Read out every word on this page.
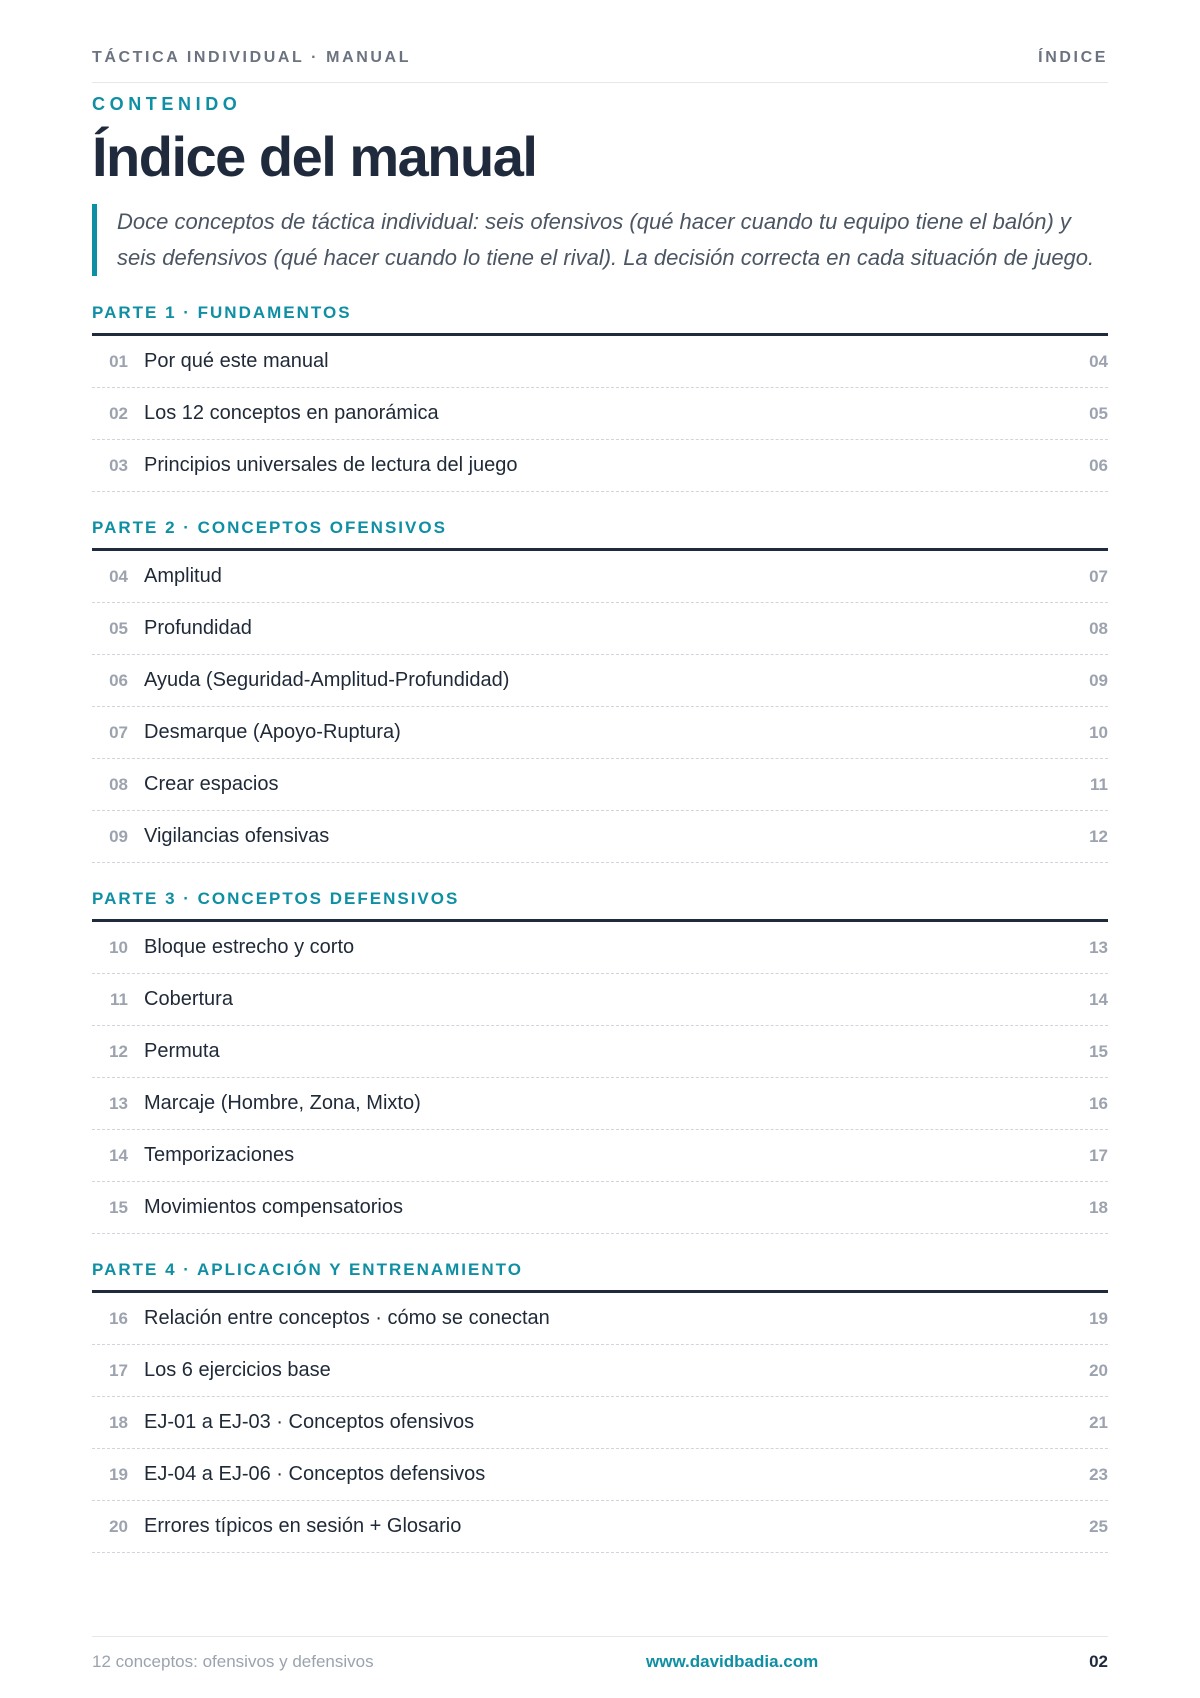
TÁCTICA INDIVIDUAL · MANUAL	ÍNDICE
CONTENIDO
Índice del manual
Doce conceptos de táctica individual: seis ofensivos (qué hacer cuando tu equipo tiene el balón) y seis defensivos (qué hacer cuando lo tiene el rival). La decisión correcta en cada situación de juego.
PARTE 1 · FUNDAMENTOS
01 Por qué este manual	04
02 Los 12 conceptos en panorámica	05
03 Principios universales de lectura del juego	06
PARTE 2 · CONCEPTOS OFENSIVOS
04 Amplitud	07
05 Profundidad	08
06 Ayuda (Seguridad-Amplitud-Profundidad)	09
07 Desmarque (Apoyo-Ruptura)	10
08 Crear espacios	11
09 Vigilancias ofensivas	12
PARTE 3 · CONCEPTOS DEFENSIVOS
10 Bloque estrecho y corto	13
11 Cobertura	14
12 Permuta	15
13 Marcaje (Hombre, Zona, Mixto)	16
14 Temporizaciones	17
15 Movimientos compensatorios	18
PARTE 4 · APLICACIÓN Y ENTRENAMIENTO
16 Relación entre conceptos · cómo se conectan	19
17 Los 6 ejercicios base	20
18 EJ-01 a EJ-03 · Conceptos ofensivos	21
19 EJ-04 a EJ-06 · Conceptos defensivos	23
20 Errores típicos en sesión + Glosario	25
12 conceptos: ofensivos y defensivos	www.davidbadia.com	02
